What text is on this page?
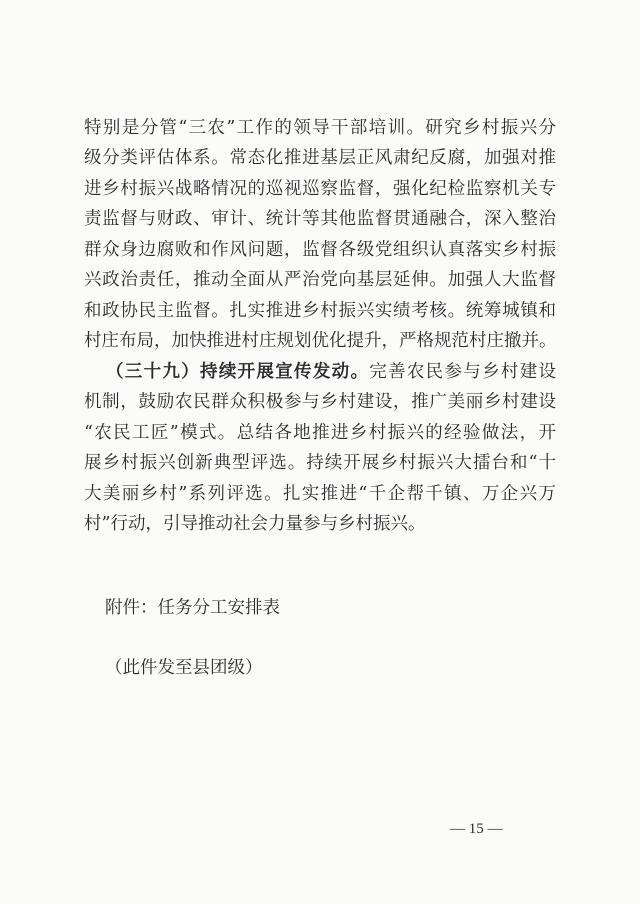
特别是分管“三农”工作的领导干部培训。研究乡村振兴分
级分类评估体系。常态化推进基层正风肃纪反腐，加强对推
进乡村振兴战略情况的巡视巡察监督，强化纪检监察机关专
责监督与财政、审计、统计等其他监督贯通融合，深入整治
群众身边腐败和作风问题，监督各级党组织认真落实乡村振
兴政治责任，推动全面从严治党向基层延伸。加强人大监督
和政协民主监督。扎实推进乡村振兴实绩考核。统筹城镇和
村庄布局，加快推进村庄规划优化提升，严格规范村庄撤并。
（三十九）持续开展宣传发动。完善农民参与乡村建设
机制，鼓励农民群众积极参与乡村建设，推广美丽乡村建设
“农民工匠”模式。总结各地推进乡村振兴的经验做法，开
展乡村振兴创新典型评选。持续开展乡村振兴大擂台和“十
大美丽乡村”系列评选。扎实推进“千企帮千镇、万企兴万
村”行动，引导推动社会力量参与乡村振兴。
附件：任务分工安排表
（此件发至县团级）
— 15 —
